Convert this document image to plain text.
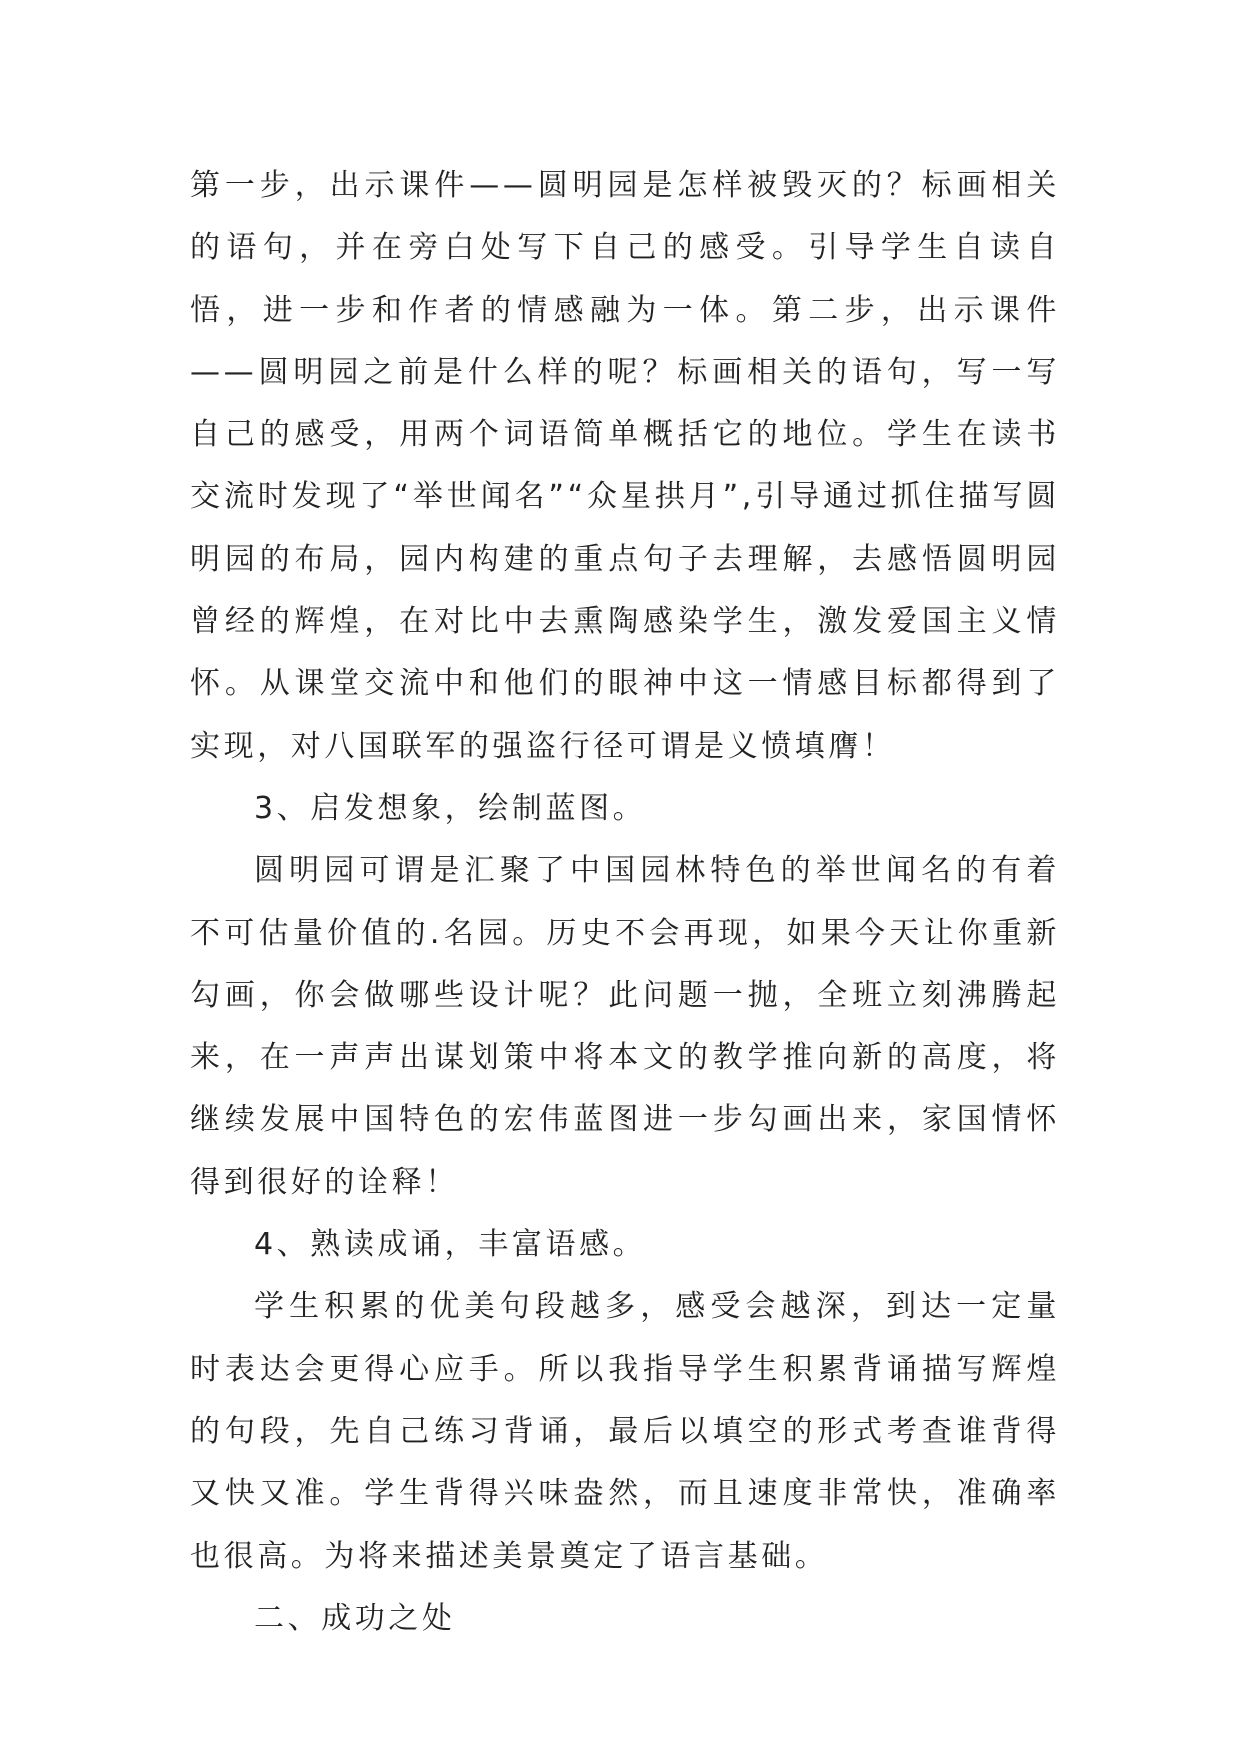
第一步，出示课件——圆明园是怎样被毁灭的？标画相关的语句，并在旁白处写下自己的感受。引导学生自读自悟，进一步和作者的情感融为一体。第二步，出示课件——圆明园之前是什么样的呢？标画相关的语句，写一写自己的感受，用两个词语简单概括它的地位。学生在读书交流时发现了“举世闻名”“众星拱月”,引导通过抓住描写圆明园的布局，园内构建的重点句子去理解，去感悟圆明园曾经的辉煌，在对比中去熏陶感染学生，激发爱国主义情怀。从课堂交流中和他们的眼神中这一情感目标都得到了实现，对八国联军的强盗行径可谓是义愤填膺！

3、启发想象，绘制蓝图。

圆明园可谓是汇聚了中国园林特色的举世闻名的有着不可估量价值的.名园。历史不会再现，如果今天让你重新勾画，你会做哪些设计呢？此问题一抛，全班立刻沸腾起来，在一声声出谋划策中将本文的教学推向新的高度，将继续发展中国特色的宏伟蓝图进一步勾画出来，家国情怀得到很好的诠释！

4、熟读成诵，丰富语感。

学生积累的优美句段越多，感受会越深，到达一定量时表达会更得心应手。所以我指导学生积累背诵描写辉煌的句段，先自己练习背诵，最后以填空的形式考查谁背得又快又准。学生背得兴味盎然，而且速度非常快，准确率也很高。为将来描述美景奠定了语言基础。

二、成功之处
